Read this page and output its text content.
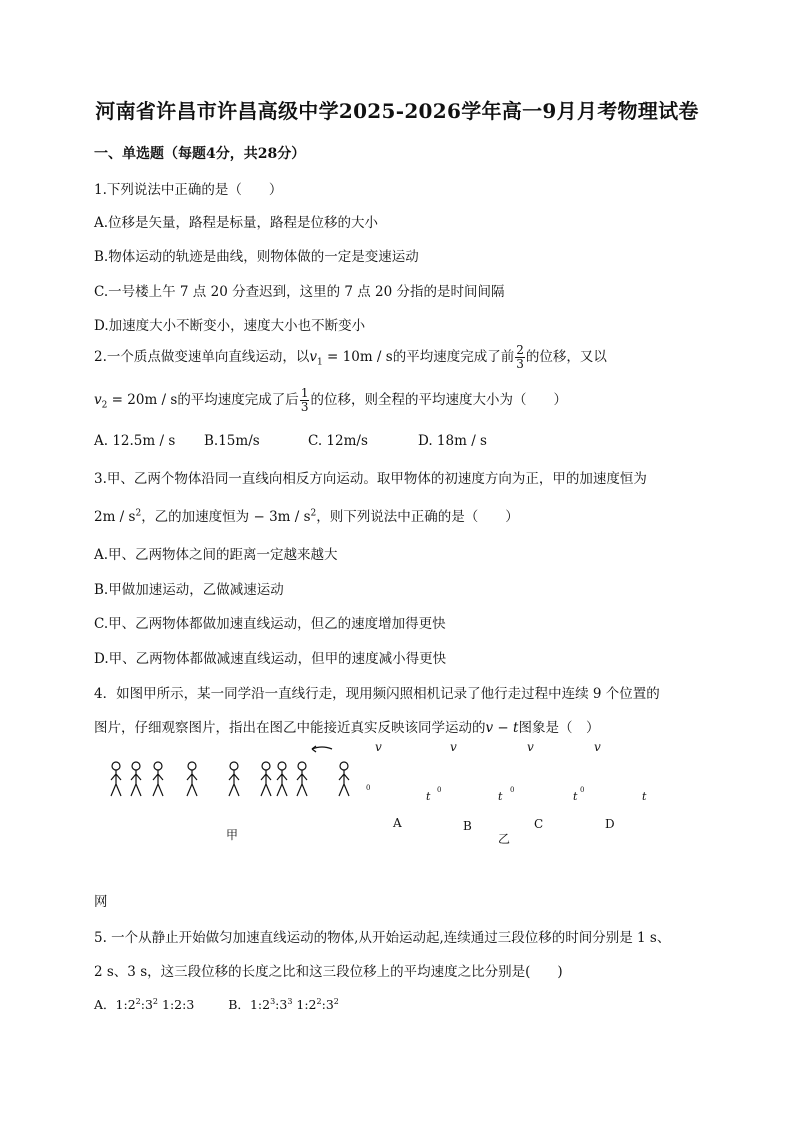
河南省许昌市许昌高级中学2025-2026学年高一9月月考物理试卷
一、单选题（每题4分，共28分）
1.下列说法中正确的是（　　）
A.位移是矢量，路程是标量，路程是位移的大小
B.物体运动的轨迹是曲线，则物体做的一定是变速运动
C.一号楼上午 7 点 20 分查迟到，这里的 7 点 20 分指的是时间间隔
D.加速度大小不断变小，速度大小也不断变小
2.一个质点做变速单向直线运动，以$v_1 = 10m / s$的平均速度完成了前 $\frac{2}{3}$ 的位移，又以
$v_2 = 20m / s$的平均速度完成了后 $\frac{1}{3}$ 的位移，则全程的平均速度大小为（　　）
A. 12.5m / s B.15m/s	C. 12m/s	D. 18m / s
3.甲、乙两个物体沿同一直线向相反方向运动。取甲物体的初速度方向为正，甲的加速度恒为
$2m / s^2$，乙的加速度恒为 − $3m / s^2$，则下列说法中正确的是（　　）
A.甲、乙两物体之间的距离一定越来越大
B.甲做加速运动，乙做减速运动
C.甲、乙两物体都做加速直线运动，但乙的速度增加得更快
D.甲、乙两物体都做减速直线运动，但甲的速度减小得更快
4．如图甲所示，某一同学沿一直线行走，现用频闪照相机记录了他行走过程中连续 9 个位置的
图片，仔细观察图片，指出在图乙中能接近真实反映该同学运动的v − t图象是（　）
甲
v	v	v	v
0
t 0	t 0	t 0	t
A	B	C	D
乙
网
5. 一个从静止开始做匀加速直线运动的物体,从开始运动起,连续通过三段位移的时间分别是 1 s、
2 s、3 s，这三段位移的长度之比和这三段位移上的平均速度之比分别是(　　)
A．$1:2^2:3^2$ 1:2:3	B．$1:2^3:3^3$ $1:2^2:3^2$
